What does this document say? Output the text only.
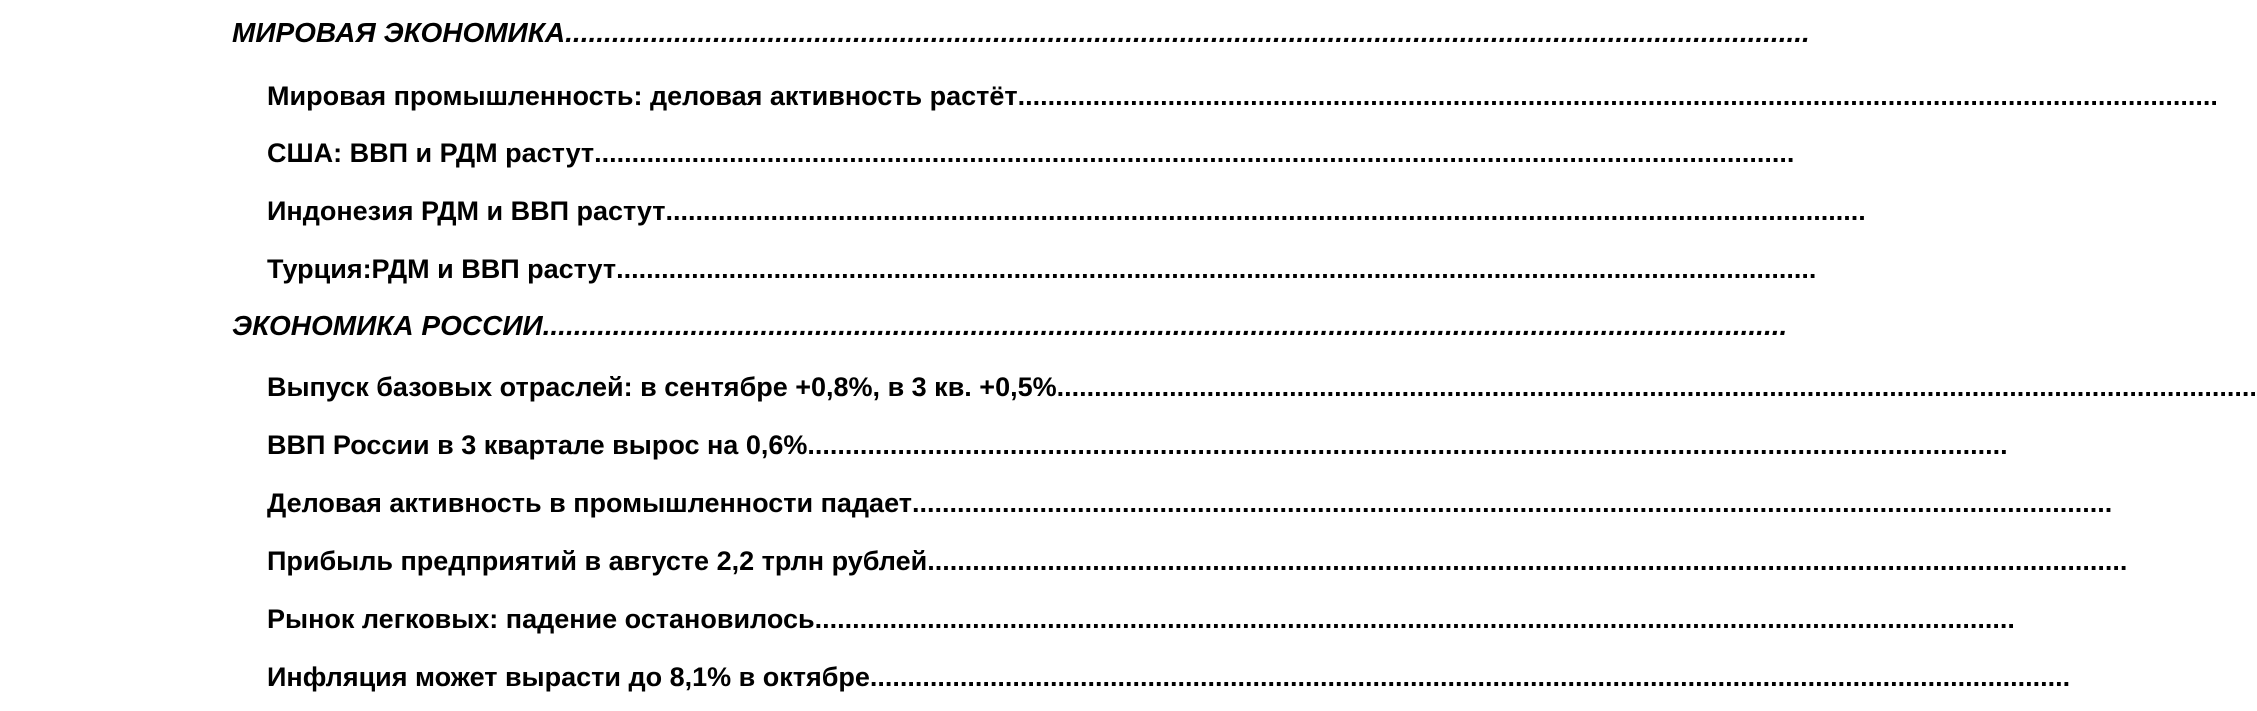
МИРОВАЯ ЭКОНОМИКА ................................................................................................................................................................
Мировая промышленность: деловая активность растёт ................................................................................................................................................................
США: ВВП и РДМ растут ................................................................................................................................................................
Индонезия РДМ и ВВП растут ................................................................................................................................................................
Турция:РДМ и ВВП растут ................................................................................................................................................................
ЭКОНОМИКА РОССИИ ................................................................................................................................................................
Выпуск базовых отраслей: в сентябре +0,8%, в 3 кв. +0,5% ................................................................................................................................................................
ВВП России в 3 квартале вырос на 0,6% ................................................................................................................................................................
Деловая активность в промышленности падает ................................................................................................................................................................
Прибыль предприятий в августе 2,2 трлн рублей ................................................................................................................................................................
Рынок легковых: падение остановилось ................................................................................................................................................................
Инфляция может вырасти до 8,1% в октябре ................................................................................................................................................................
